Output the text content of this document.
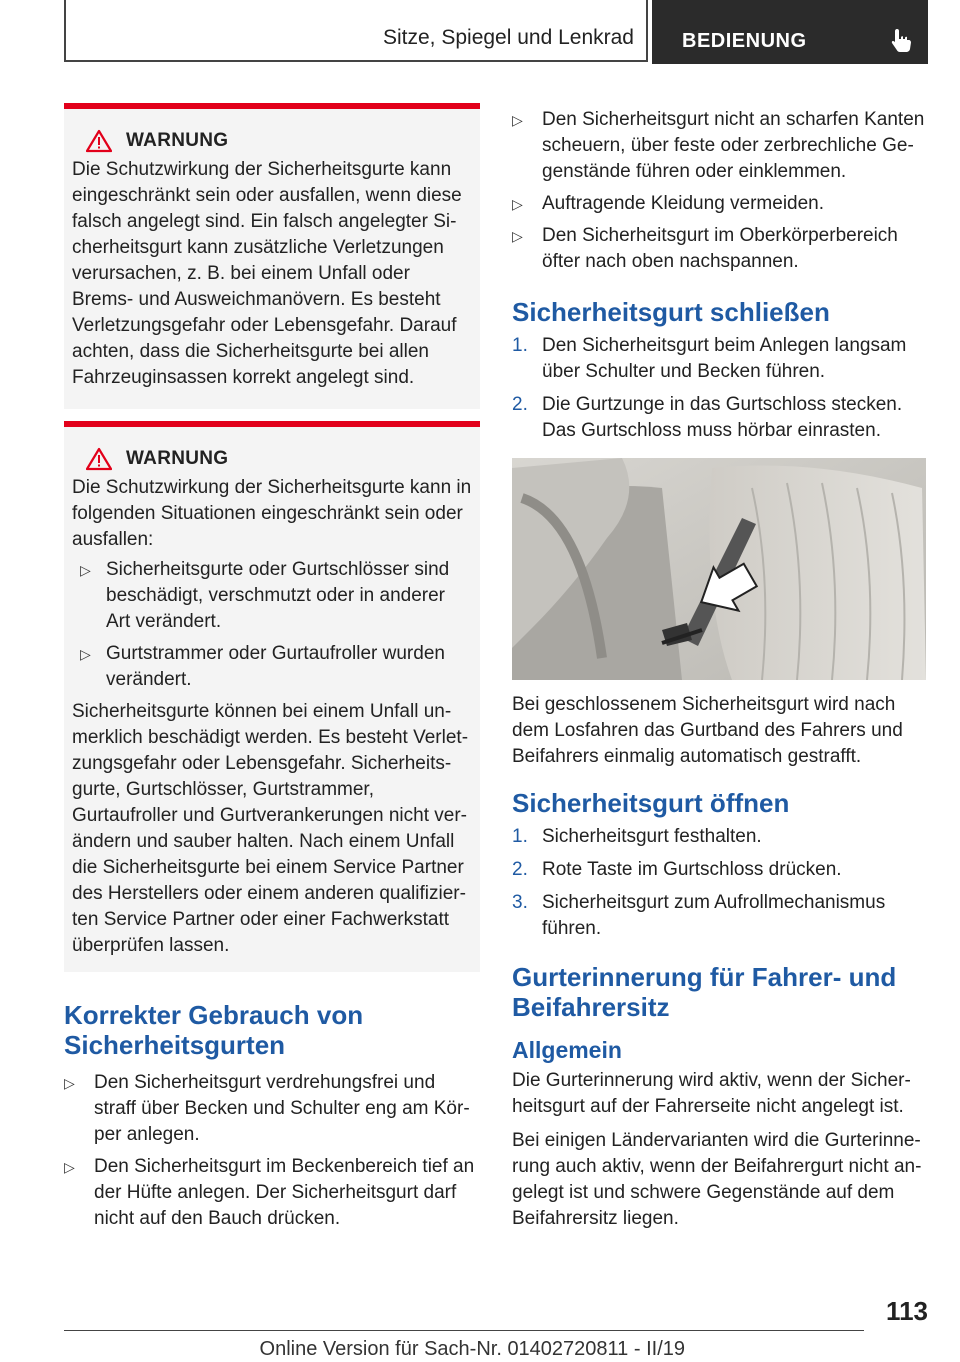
Sitze, Spiegel und Lenkrad BEDIENUNG
WARNUNG

Die Schutzwirkung der Sicherheitsgurte kann eingeschränkt sein oder ausfallen, wenn diese falsch angelegt sind. Ein falsch angelegter Sicherheitsgurt kann zusätzliche Verletzungen verursachen, z. B. bei einem Unfall oder Brems- und Ausweichmanövern. Es besteht Verletzungsgefahr oder Lebensgefahr. Darauf achten, dass die Sicherheitsgurte bei allen Fahrzeuginsassen korrekt angelegt sind.

WARNUNG

Die Schutzwirkung der Sicherheitsgurte kann in folgenden Situationen eingeschränkt sein oder ausfallen:

▷ Sicherheitsgurte oder Gurtschlösser sind beschädigt, verschmutzt oder in anderer Art verändert.
▷ Gurtstrammer oder Gurtaufroller wurden verändert.

Sicherheitsgurte können bei einem Unfall unmerklich beschädigt werden. Es besteht Verletzungsgefahr oder Lebensgefahr. Sicherheitsgurte, Gurtschlösser, Gurtstrammer, Gurtaufroller und Gurtverankerungen nicht verändern und sauber halten. Nach einem Unfall die Sicherheitsgurte bei einem Service Partner des Herstellers oder einem anderen qualifizierten Service Partner oder einer Fachwerkstatt überprüfen lassen.

Korrekter Gebrauch von Sicherheitsgurten
▷ Den Sicherheitsgurt verdrehungsfrei und straff über Becken und Schulter eng am Körper anlegen.
▷ Den Sicherheitsgurt im Beckenbereich tief an der Hüfte anlegen. Der Sicherheitsgurt darf nicht auf den Bauch drücken.
▷ Den Sicherheitsgurt nicht an scharfen Kanten scheuern, über feste oder zerbrechliche Gegenstände führen oder einklemmen.
▷ Auftragende Kleidung vermeiden.
▷ Den Sicherheitsgurt im Oberkörperbereich öfter nach oben nachspannen.
Sicherheitsgurt schließen
1. Den Sicherheitsgurt beim Anlegen langsam über Schulter und Becken führen.
2. Die Gurtzunge in das Gurtschloss stecken. Das Gurtschloss muss hörbar einrasten.

Bei geschlossenem Sicherheitsgurt wird nach dem Losfahren das Gurtband des Fahrers und Beifahrers einmalig automatisch gestrafft.

Sicherheitsgurt öffnen
1. Sicherheitsgurt festhalten.
2. Rote Taste im Gurtschloss drücken.
3. Sicherheitsgurt zum Aufrollmechanismus führen.
Gurterinnerung für Fahrer- und Beifahrersitz
Allgemein

Die Gurterinnerung wird aktiv, wenn der Sicherheitsgurt auf der Fahrerseite nicht angelegt ist.

Bei einigen Ländervarianten wird die Gurterinnerung auch aktiv, wenn der Beifahrergurt nicht angelegt ist und schwere Gegenstände auf dem Beifahrersitz liegen.

113
Online Version für Sach-Nr. 01402720811 - II/19
